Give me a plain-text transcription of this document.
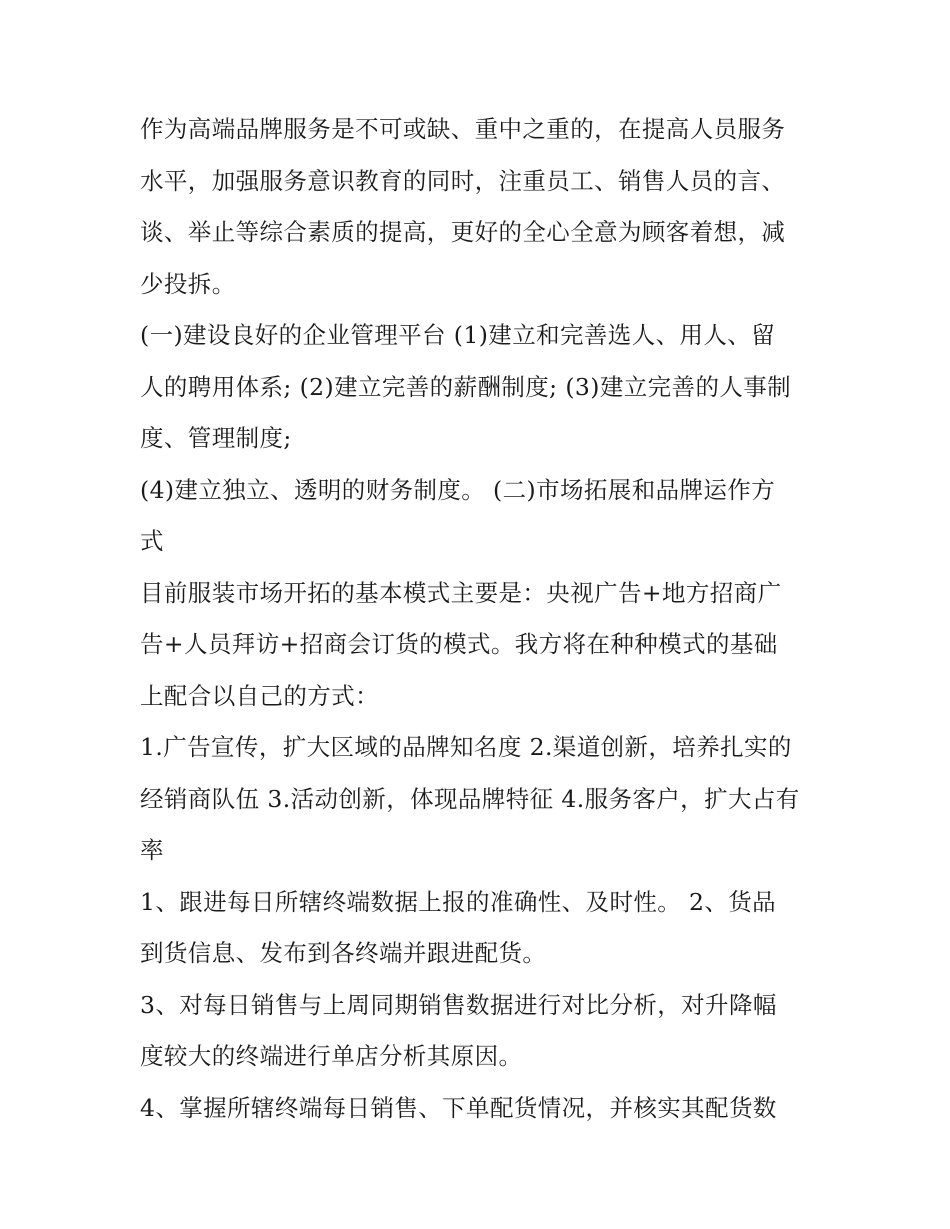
作为高端品牌服务是不可或缺、重中之重的，在提高人员服务
水平，加强服务意识教育的同时，注重员工、销售人员的言、
谈、举止等综合素质的提高，更好的全心全意为顾客着想，减
少投拆。
(一)建设良好的企业管理平台 (1)建立和完善选人、用人、留
人的聘用体系; (2)建立完善的薪酬制度; (3)建立完善的人事制
度、管理制度;
(4)建立独立、透明的财务制度。 (二)市场拓展和品牌运作方
式
目前服装市场开拓的基本模式主要是：央视广告+地方招商广
告+人员拜访+招商会订货的模式。我方将在种种模式的基础
上配合以自己的方式：
1.广告宣传，扩大区域的品牌知名度 2.渠道创新，培养扎实的
经销商队伍 3.活动创新，体现品牌特征 4.服务客户，扩大占有
率
1、跟进每日所辖终端数据上报的准确性、及时性。 2、货品
到货信息、发布到各终端并跟进配货。
3、对每日销售与上周同期销售数据进行对比分析，对升降幅
度较大的终端进行单店分析其原因。
4、掌握所辖终端每日销售、下单配货情况，并核实其配货数
